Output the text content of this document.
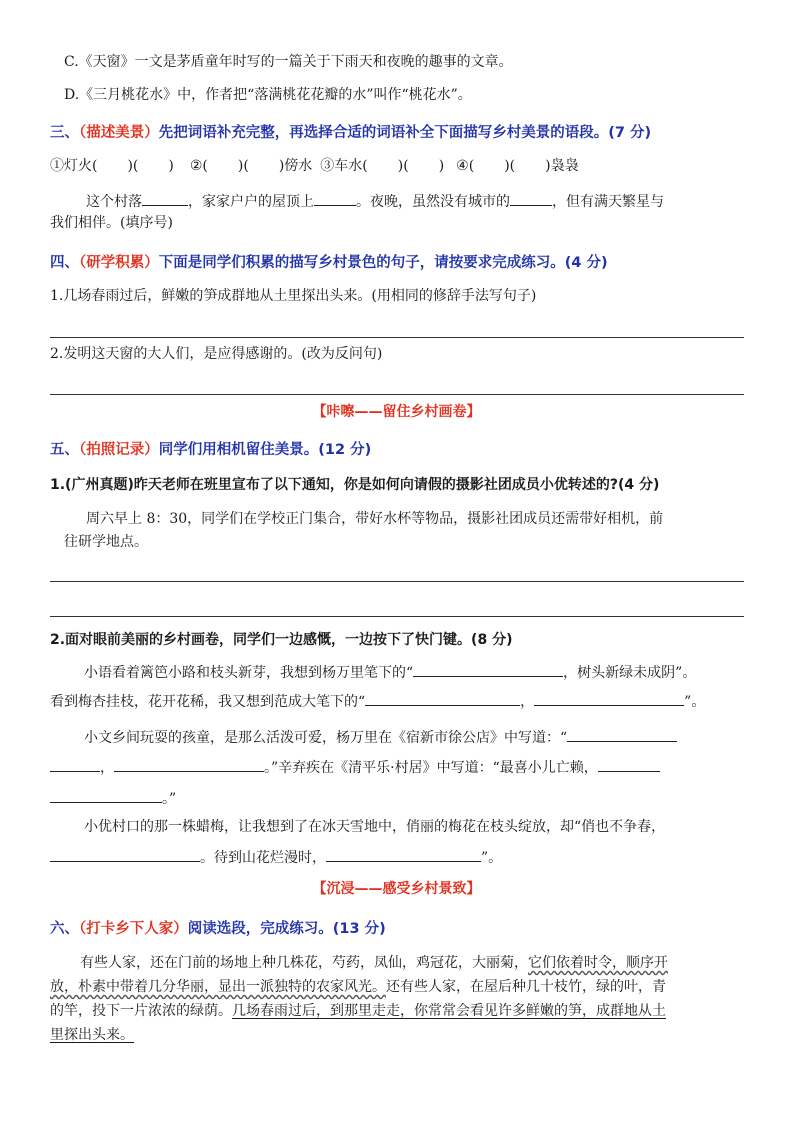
C.《天窗》一文是茅盾童年时写的一篇关于下雨天和夜晚的趣事的文章。
D.《三月桃花水》中，作者把“落满桃花花瓣的水”叫作“桃花水”。
三、（描述美景）先把词语补充完整，再选择合适的词语补全下面描写乡村美景的语段。(7 分)
①灯火( )( ) ②( )( )傍水 ③车水( )( ) ④( )( )袅袅
这个村落	，家家户户的屋顶上	。夜晚，虽然没有城市的	，但有满天繁星与
我们相伴。(填序号)
四、（研学积累）下面是同学们积累的描写乡村景色的句子，请按要求完成练习。(4 分)
1.几场春雨过后，鲜嫩的笋成群地从土里探出头来。(用相同的修辞手法写句子)
2.发明这天窗的大人们，是应得感谢的。(改为反问句)
【咔嚓——留住乡村画卷】
五、（拍照记录）同学们用相机留住美景。(12 分)
1.(广州真题)昨天老师在班里宣布了以下通知，你是如何向请假的摄影社团成员小优转述的?(4 分)
周六早上 8：30，同学们在学校正门集合，带好水杯等物品，摄影社团成员还需带好相机，前
往研学地点。
2.面对眼前美丽的乡村画卷，同学们一边感慨，一边按下了快门键。(8 分)
小语看着篱笆小路和枝头新芽，我想到杨万里笔下的“	，树头新绿未成阴”。
看到梅杏挂枝，花开花稀，我又想到范成大笔下的“	，	”。
小文乡间玩耍的孩童，是那么活泼可爱，杨万里在《宿新市徐公店》中写道：“
，	。”辛弃疾在《清平乐·村居》中写道：“最喜小儿亡赖，
。”
小优村口的那一株蜡梅，让我想到了在冰天雪地中，俏丽的梅花在枝头绽放，却“俏也不争春，
。待到山花烂漫时，	”。
【沉浸——感受乡村景致】
六、（打卡乡下人家）阅读选段，完成练习。(13 分)
有些人家，还在门前的场地上种几株花，芍药，凤仙，鸡冠花，大丽菊，它们依着时令，顺序开
放，朴素中带着几分华丽，显出一派独特的农家风光。还有些人家，在屋后种几十枝竹，绿的叶，青
的竿，投下一片浓浓的绿荫。几场春雨过后，到那里走走，你常常会看见许多鲜嫩的笋，成群地从土
里探出头来。
